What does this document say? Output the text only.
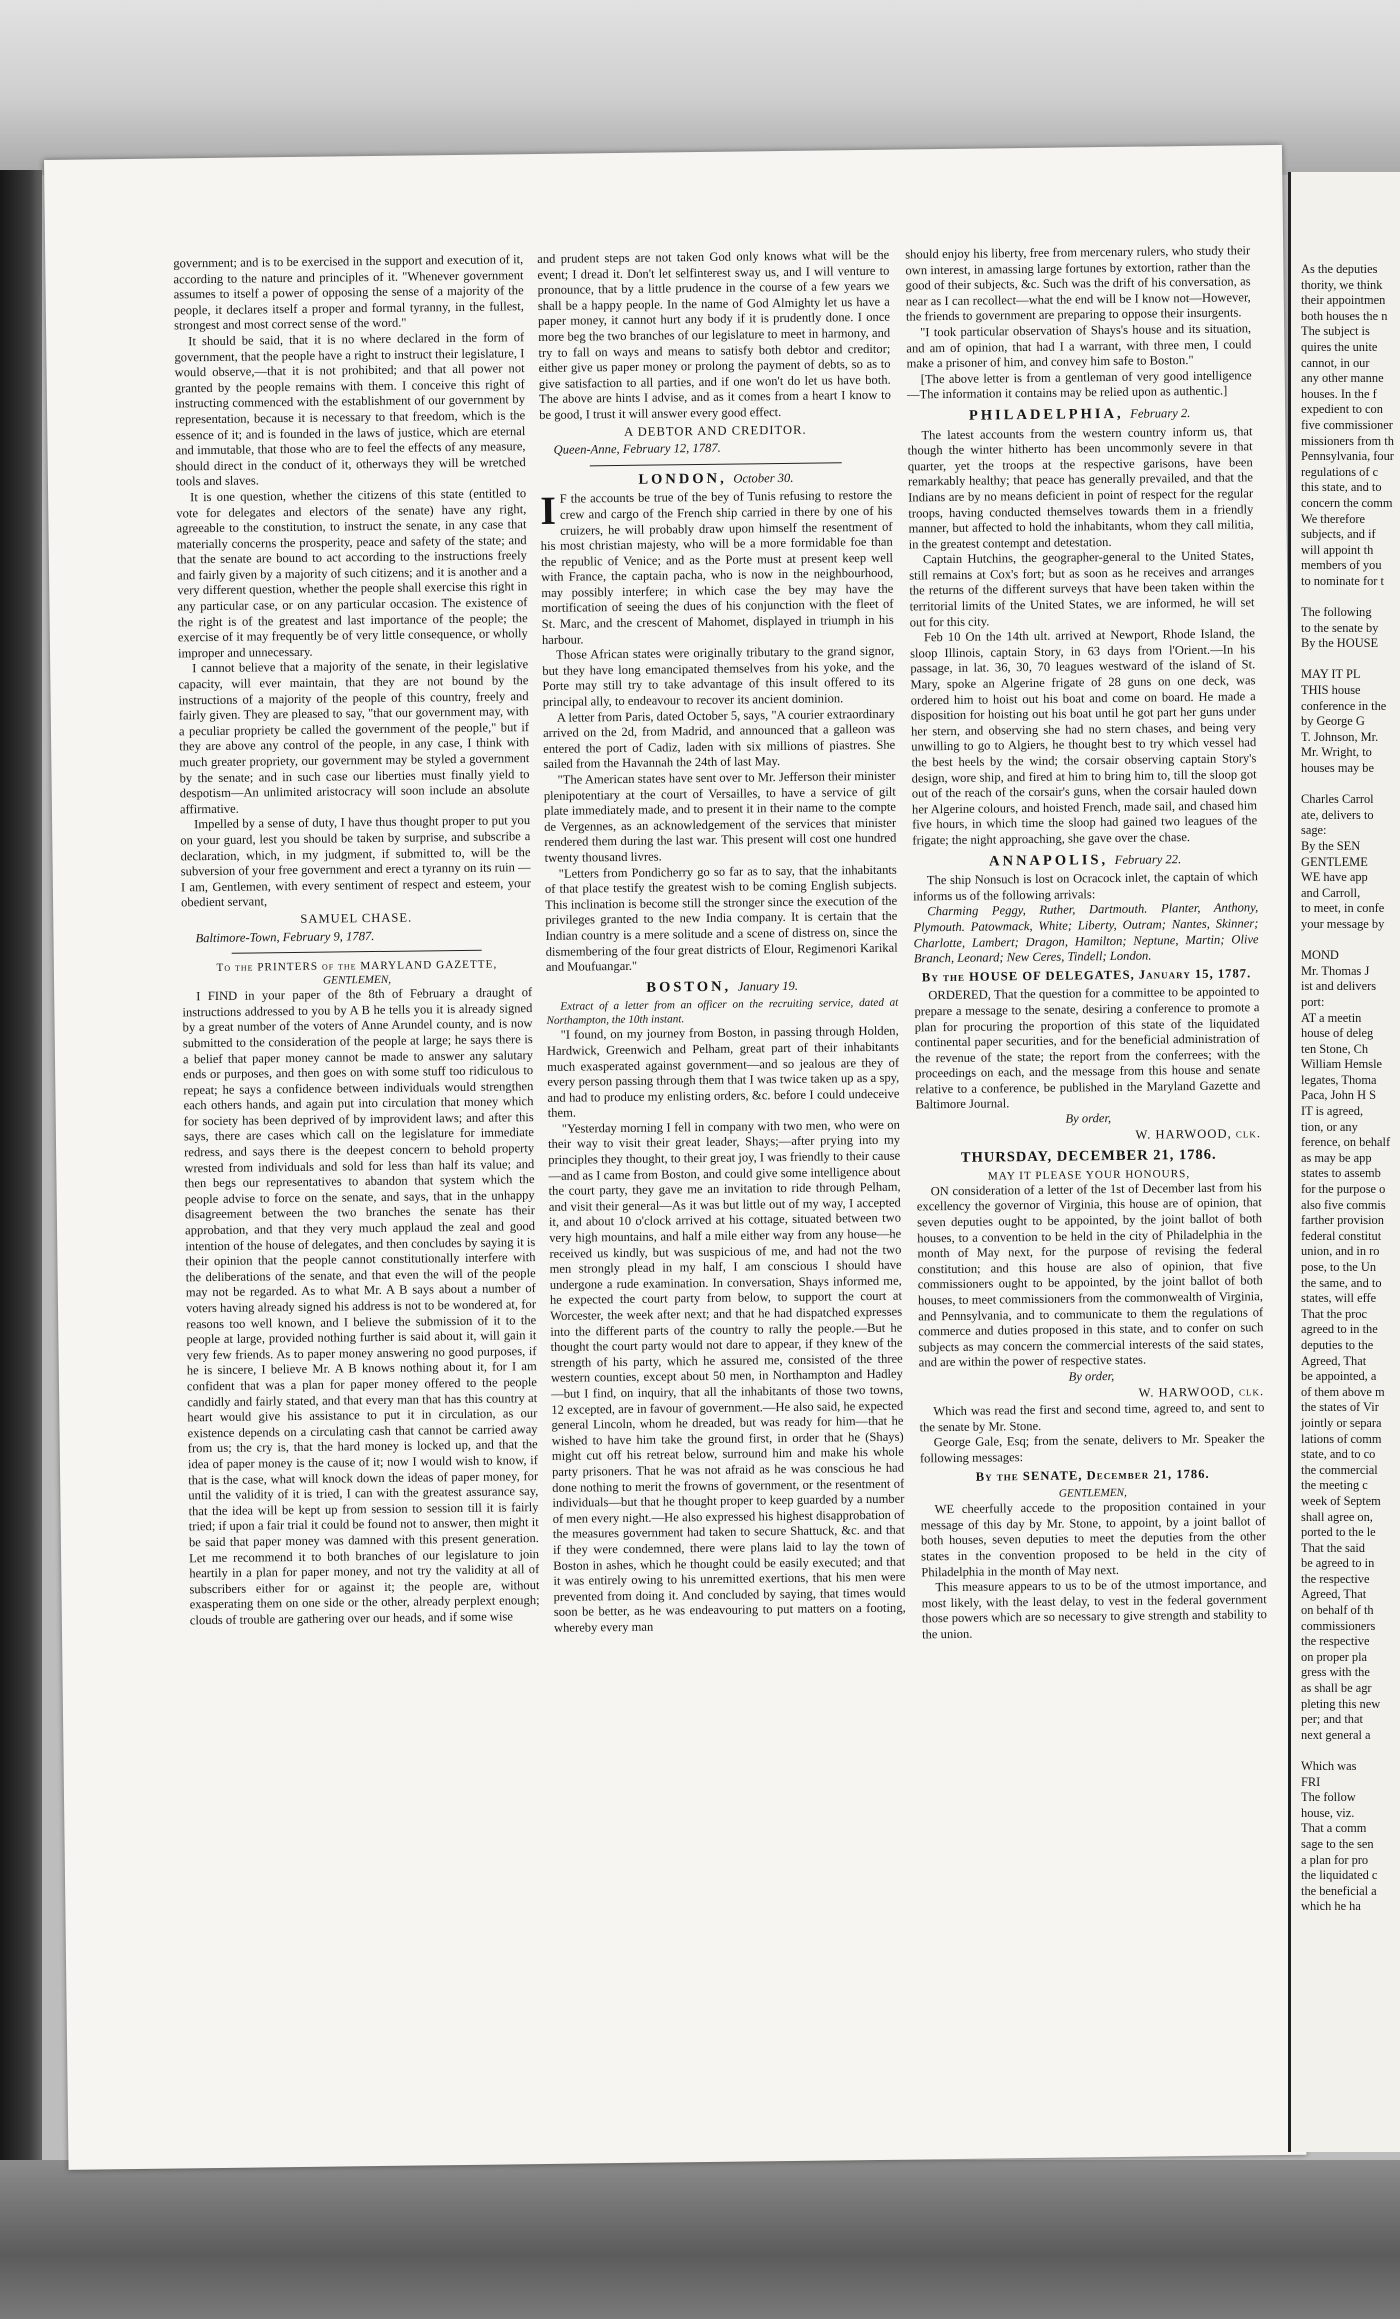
government; and is to be exercised in the support and execution of it, according to the nature and principles of it. "Whenever government assumes to itself a power of opposing the sense of a majority of the people, it declares itself a proper and formal tyranny, in the fullest, strongest and most correct sense of the word."

It should be said, that it is no where declared in the form of government, that the people have a right to instruct their legislature, I would observe,—that it is not prohibited; and that all power not granted by the people remains with them. I conceive this right of instructing commenced with the establishment of our government by representation, because it is necessary to that freedom, which is the essence of it; and is founded in the laws of justice, which are eternal and immutable, that those who are to feel the effects of any measure, should direct in the conduct of it, otherways they will be wretched tools and slaves.

It is one question, whether the citizens of this state (entitled to vote for delegates and electors of the senate) have any right, agreeable to the constitution, to instruct the senate, in any case that materially concerns the prosperity, peace and safety of the state; and that the senate are bound to act according to the instructions freely and fairly given by a majority of such citizens; and it is another and a very different question, whether the people shall exercise this right in any particular case, or on any particular occasion. The existence of the right is of the greatest and last importance of the people; the exercise of it may frequently be of very little consequence, or wholly improper and unnecessary.

I cannot believe that a majority of the senate, in their legislative capacity, will ever maintain, that they are not bound by the instructions of a majority of the people of this country, freely and fairly given. They are pleased to say, "that our government may, with a peculiar propriety be called the government of the people," but if they are above any control of the people, in any case, I think with much greater propriety, our government may be styled a government by the senate; and in such case our liberties must finally yield to despotism—An unlimited aristocracy will soon include an absolute affirmative.

Impelled by a sense of duty, I have thus thought proper to put you on your guard, lest you should be taken by surprise, and subscribe a declaration, which, in my judgment, if submitted to, will be the subversion of your free government and erect a tyranny on its ruin — I am, Gentlemen, with every sentiment of respect and esteem, your obedient servant,

SAMUEL CHASE.
Baltimore-Town, February 9, 1787.
To the PRINTERS of the MARYLAND GAZETTE,
GENTLEMEN,

I FIND in your paper of the 8th of February a draught of instructions addressed to you by A B he tells you it is already signed by a great number of the voters of Anne Arundel county, and is now submitted to the consideration of the people at large; he says there is a belief that paper money cannot be made to answer any salutary ends or purposes, and then goes on with some stuff too ridiculous to repeat; he says a confidence between individuals would strengthen each others hands, and again put into circulation that money which for society has been deprived of by improvident laws; and after this says, there are cases which call on the legislature for immediate redress, and says there is the deepest concern to behold property wrested from individuals and sold for less than half its value; and then begs our representatives to abandon that system which the people advise to force on the senate, and says, that in the unhappy disagreement between the two branches the senate has their approbation, and that they very much applaud the zeal and good intention of the house of delegates, and then concludes by saying it is their opinion that the people cannot constitutionally interfere with the deliberations of the senate, and that even the will of the people may not be regarded. As to what Mr. A B says about a number of voters having already signed his address is not to be wondered at, for reasons too well known, and I believe the submission of it to the people at large, provided nothing further is said about it, will gain it very few friends. As to paper money answering no good purposes, if he is sincere, I believe Mr. A B knows nothing about it, for I am confident that was a plan for paper money offered to the people candidly and fairly stated, and that every man that has this country at heart would give his assistance to put it in circulation, as our existence depends on a circulating cash that cannot be carried away from us; the cry is, that the hard money is locked up, and that the idea of paper money is the cause of it; now I would wish to know, if that is the case, what will knock down the ideas of paper money, for until the validity of it is tried, I can with the greatest assurance say, that the idea will be kept up from session to session till it is fairly tried; if upon a fair trial it could be found not to answer, then might it be said that paper money was damned with this present generation. Let me recommend it to both branches of our legislature to join heartily in a plan for paper money, and not try the validity at all of subscribers either for or against it; the people are, without exasperating them on one side or the other, already perplext enough; clouds of trouble are gathering over our heads, and if some wise

and prudent steps are not taken God only knows what will be the event; I dread it. Don't let selfinterest sway us, and I will venture to pronounce, that by a little prudence in the course of a few years we shall be a happy people. In the name of God Almighty let us have a paper money, it cannot hurt any body if it is prudently done. I once more beg the two branches of our legislature to meet in harmony, and try to fall on ways and means to satisfy both debtor and creditor; either give us paper money or prolong the payment of debts, so as to give satisfaction to all parties, and if one won't do let us have both. The above are hints I advise, and as it comes from a heart I know to be good, I trust it will answer every good effect.

A DEBTOR AND CREDITOR.
Queen-Anne, February 12, 1787.
LONDON, October 30.

I F the accounts be true of the bey of Tunis refusing to restore the crew and cargo of the French ship carried in there by one of his cruizers, he will probably draw upon himself the resentment of his most christian majesty, who will be a more formidable foe than the republic of Venice; and as the Porte must at present keep well with France, the captain pacha, who is now in the neighbourhood, may possibly interfere; in which case the bey may have the mortification of seeing the dues of his conjunction with the fleet of St. Marc, and the crescent of Mahomet, displayed in triumph in his harbour.

Those African states were originally tributary to the grand signor, but they have long emancipated themselves from his yoke, and the Porte may still try to take advantage of this insult offered to its principal ally, to endeavour to recover its ancient dominion.

A letter from Paris, dated October 5, says, "A courier extraordinary arrived on the 2d, from Madrid, and announced that a galleon was entered the port of Cadiz, laden with six millions of piastres. She sailed from the Havannah the 24th of last May.

"The American states have sent over to Mr. Jefferson their minister plenipotentiary at the court of Versailles, to have a service of gilt plate immediately made, and to present it in their name to the compte de Vergennes, as an acknowledgement of the services that minister rendered them during the last war. This present will cost one hundred twenty thousand livres.

"Letters from Pondicherry go so far as to say, that the inhabitants of that place testify the greatest wish to be coming English subjects. This inclination is become still the stronger since the execution of the privileges granted to the new India company. It is certain that the Indian country is a mere solitude and a scene of distress on, since the dismembering of the four great districts of Elour, Regimenori Karikal and Moufuangar."

BOSTON, January 19.

Extract of a letter from an officer on the recruiting service, dated at Northampton, the 10th instant.

"I found, on my journey from Boston, in passing through Holden, Hardwick, Greenwich and Pelham, great part of their inhabitants much exasperated against government—and so jealous are they of every person passing through them that I was twice taken up as a spy, and had to produce my enlisting orders, &c. before I could undeceive them.

"Yesterday morning I fell in company with two men, who were on their way to visit their great leader, Shays;—after prying into my principles they thought, to their great joy, I was friendly to their cause—and as I came from Boston, and could give some intelligence about the court party, they gave me an invitation to ride through Pelham, and visit their general—As it was but little out of my way, I accepted it, and about 10 o'clock arrived at his cottage, situated between two very high mountains, and half a mile either way from any house—he received us kindly, but was suspicious of me, and had not the two men strongly plead in my half, I am conscious I should have undergone a rude examination. In conversation, Shays informed me, he expected the court party from below, to support the court at Worcester, the week after next; and that he had dispatched expresses into the different parts of the country to rally the people.—But he thought the court party would not dare to appear, if they knew of the strength of his party, which he assured me, consisted of the three western counties, except about 50 men, in Northampton and Hadley—but I find, on inquiry, that all the inhabitants of those two towns, 12 excepted, are in favour of government.—He also said, he expected general Lincoln, whom he dreaded, but was ready for him—that he wished to have him take the ground first, in order that he (Shays) might cut off his retreat below, surround him and make his whole party prisoners. That he was not afraid as he was conscious he had done nothing to merit the frowns of government, or the resentment of individuals—but that he thought proper to keep guarded by a number of men every night.—He also expressed his highest disapprobation of the measures government had taken to secure Shattuck, &c. and that if they were condemned, there were plans laid to lay the town of Boston in ashes, which he thought could be easily executed; and that it was entirely owing to his unremitted exertions, that his men were prevented from doing it. And concluded by saying, that times would soon be better, as he was endeavouring to put matters on a footing, whereby every man

should enjoy his liberty, free from mercenary rulers, who study their own interest, in amassing large fortunes by extortion, rather than the good of their subjects, &c. Such was the drift of his conversation, as near as I can recollect—what the end will be I know not—However, the friends to government are preparing to oppose their insurgents.

"I took particular observation of Shays's house and its situation, and am of opinion, that had I a warrant, with three men, I could make a prisoner of him, and convey him safe to Boston."

[The above letter is from a gentleman of very good intelligence—The information it contains may be relied upon as authentic.]

PHILADELPHIA, February 2.

The latest accounts from the western country inform us, that though the winter hitherto has been uncommonly severe in that quarter, yet the troops at the respective garisons, have been remarkably healthy; that peace has generally prevailed, and that the Indians are by no means deficient in point of respect for the regular troops, having conducted themselves towards them in a friendly manner, but affected to hold the inhabitants, whom they call militia, in the greatest contempt and detestation.

Captain Hutchins, the geographer-general to the United States, still remains at Cox's fort; but as soon as he receives and arranges the returns of the different surveys that have been taken within the territorial limits of the United States, we are informed, he will set out for this city.

Feb 10 On the 14th ult. arrived at Newport, Rhode Island, the sloop Illinois, captain Story, in 63 days from l'Orient.—In his passage, in lat. 36, 30, 70 leagues westward of the island of St. Mary, spoke an Algerine frigate of 28 guns on one deck, was ordered him to hoist out his boat and come on board. He made a disposition for hoisting out his boat until he got part her guns under her stern, and observing she had no stern chases, and being very unwilling to go to Algiers, he thought best to try which vessel had the best heels by the wind; the corsair observing captain Story's design, wore ship, and fired at him to bring him to, till the sloop got out of the reach of the corsair's guns, when the corsair hauled down her Algerine colours, and hoisted French, made sail, and chased him five hours, in which time the sloop had gained two leagues of the frigate; the night approaching, she gave over the chase.

ANNAPOLIS, February 22.

The ship Nonsuch is lost on Ocracock inlet, the captain of which informs us of the following arrivals:

Charming Peggy, Ruther, Dartmouth. Planter, Anthony, Plymouth. Patowmack, White; Liberty, Outram; Nantes, Skinner; Charlotte, Lambert; Dragon, Hamilton; Neptune, Martin; Olive Branch, Leonard; New Ceres, Tindell; London.

By the HOUSE OF DELEGATES, January 15, 1787.

ORDERED, That the question for a committee to be appointed to prepare a message to the senate, desiring a conference to promote a plan for procuring the proportion of this state of the liquidated continental paper securities, and for the beneficial administration of the revenue of the state; the report from the conferrees; with the proceedings on each, and the message from this house and senate relative to a conference, be published in the Maryland Gazette and Baltimore Journal.

By order,
W. HARWOOD, clk.
THURSDAY, DECEMBER 21, 1786.
MAY IT PLEASE YOUR HONOURS,

ON consideration of a letter of the 1st of December last from his excellency the governor of Virginia, this house are of opinion, that seven deputies ought to be appointed, by the joint ballot of both houses, to a convention to be held in the city of Philadelphia in the month of May next, for the purpose of revising the federal constitution; and this house are also of opinion, that five commissioners ought to be appointed, by the joint ballot of both houses, to meet commissioners from the commonwealth of Virginia, and Pennsylvania, and to communicate to them the regulations of commerce and duties proposed in this state, and to confer on such subjects as may concern the commercial interests of the said states, and are within the power of respective states.

By order,
W. HARWOOD, clk.

Which was read the first and second time, agreed to, and sent to the senate by Mr. Stone.

George Gale, Esq; from the senate, delivers to Mr. Speaker the following messages:

By the SENATE, December 21, 1786.
GENTLEMEN,

WE cheerfully accede to the proposition contained in your message of this day by Mr. Stone, to appoint, by a joint ballot of both houses, seven deputies to meet the deputies from the other states in the convention proposed to be held in the city of Philadelphia in the month of May next.

This measure appears to us to be of the utmost importance, and most likely, with the least delay, to vest in the federal government those powers which are so necessary to give strength and stability to the union.

As the deputies
thority, we think
their appointmen
both houses the n
The subject is
quires the unite
cannot, in our
any other manne
houses. In the f
expedient to con
five commissioner
missioners from th
Pennsylvania, four
regulations of c
this state, and to
concern the comm
We therefore
subjects, and if
will appoint th
members of you
to nominate for t

The following
to the senate by
By the HOUSE

MAY IT PL
THIS house
conference in the
by George G
T. Johnson, Mr.
Mr. Wright, to
houses may be

Charles Carrol
ate, delivers to
sage:
By the SEN
GENTLEME
WE have app
and Carroll,
to meet, in confe
your message by

MOND
Mr. Thomas J
ist and delivers
port:
AT a meetin
house of deleg
ten Stone, Ch
William Hemsle
legates, Thoma
Paca, John H S
IT is agreed,
tion, or any
ference, on behalf
as may be app
states to assemb
for the purpose o
also five commis
farther provision
federal constitut
union, and in ro
pose, to the Un
the same, and to
states, will effe
That the proc
agreed to in the
deputies to the
Agreed, That
be appointed, a
of them above m
the states of Vir
jointly or separa
lations of comm
state, and to co
the commercial
the meeting c
week of Septem
shall agree on,
ported to the le
That the said
be agreed to in
the respective
Agreed, That
on behalf of th
commissioners
the respective
on proper pla
gress with the
as shall be agr
pleting this new
per; and that
next general a

Which was
FRI
The follow
house, viz.
That a comm
sage to the sen
a plan for pro
the liquidated c
the beneficial a
which he ha
